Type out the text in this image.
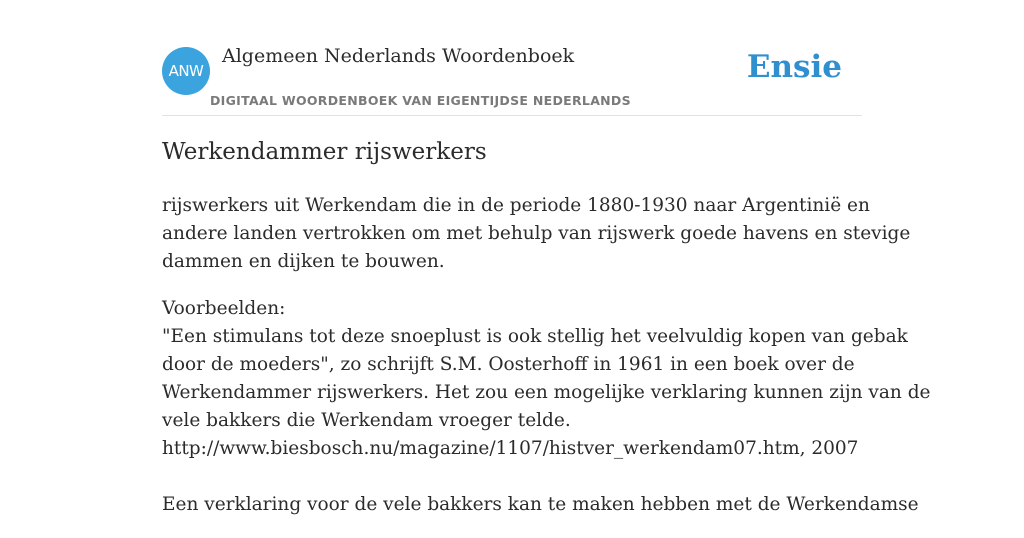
ANW
Algemeen Nederlands Woordenboek
DIGITAAL WOORDENBOEK VAN EIGENTIJDSE NEDERLANDS
Ensie
Werkendammer rijswerkers

rijswerkers uit Werkendam die in de periode 1880-1930 naar Argentinië en
andere landen vertrokken om met behulp van rijswerk goede havens en stevige
dammen en dijken te bouwen.

Voorbeelden:
"Een stimulans tot deze snoeplust is ook stellig het veelvuldig kopen van gebak
door de moeders", zo schrijft S.M. Oosterhoff in 1961 in een boek over de
Werkendammer rijswerkers. Het zou een mogelijke verklaring kunnen zijn van de
vele bakkers die Werkendam vroeger telde.
http://www.biesbosch.nu/magazine/1107/histver_werkendam07.htm, 2007
Een verklaring voor de vele bakkers kan te maken hebben met de Werkendamse
